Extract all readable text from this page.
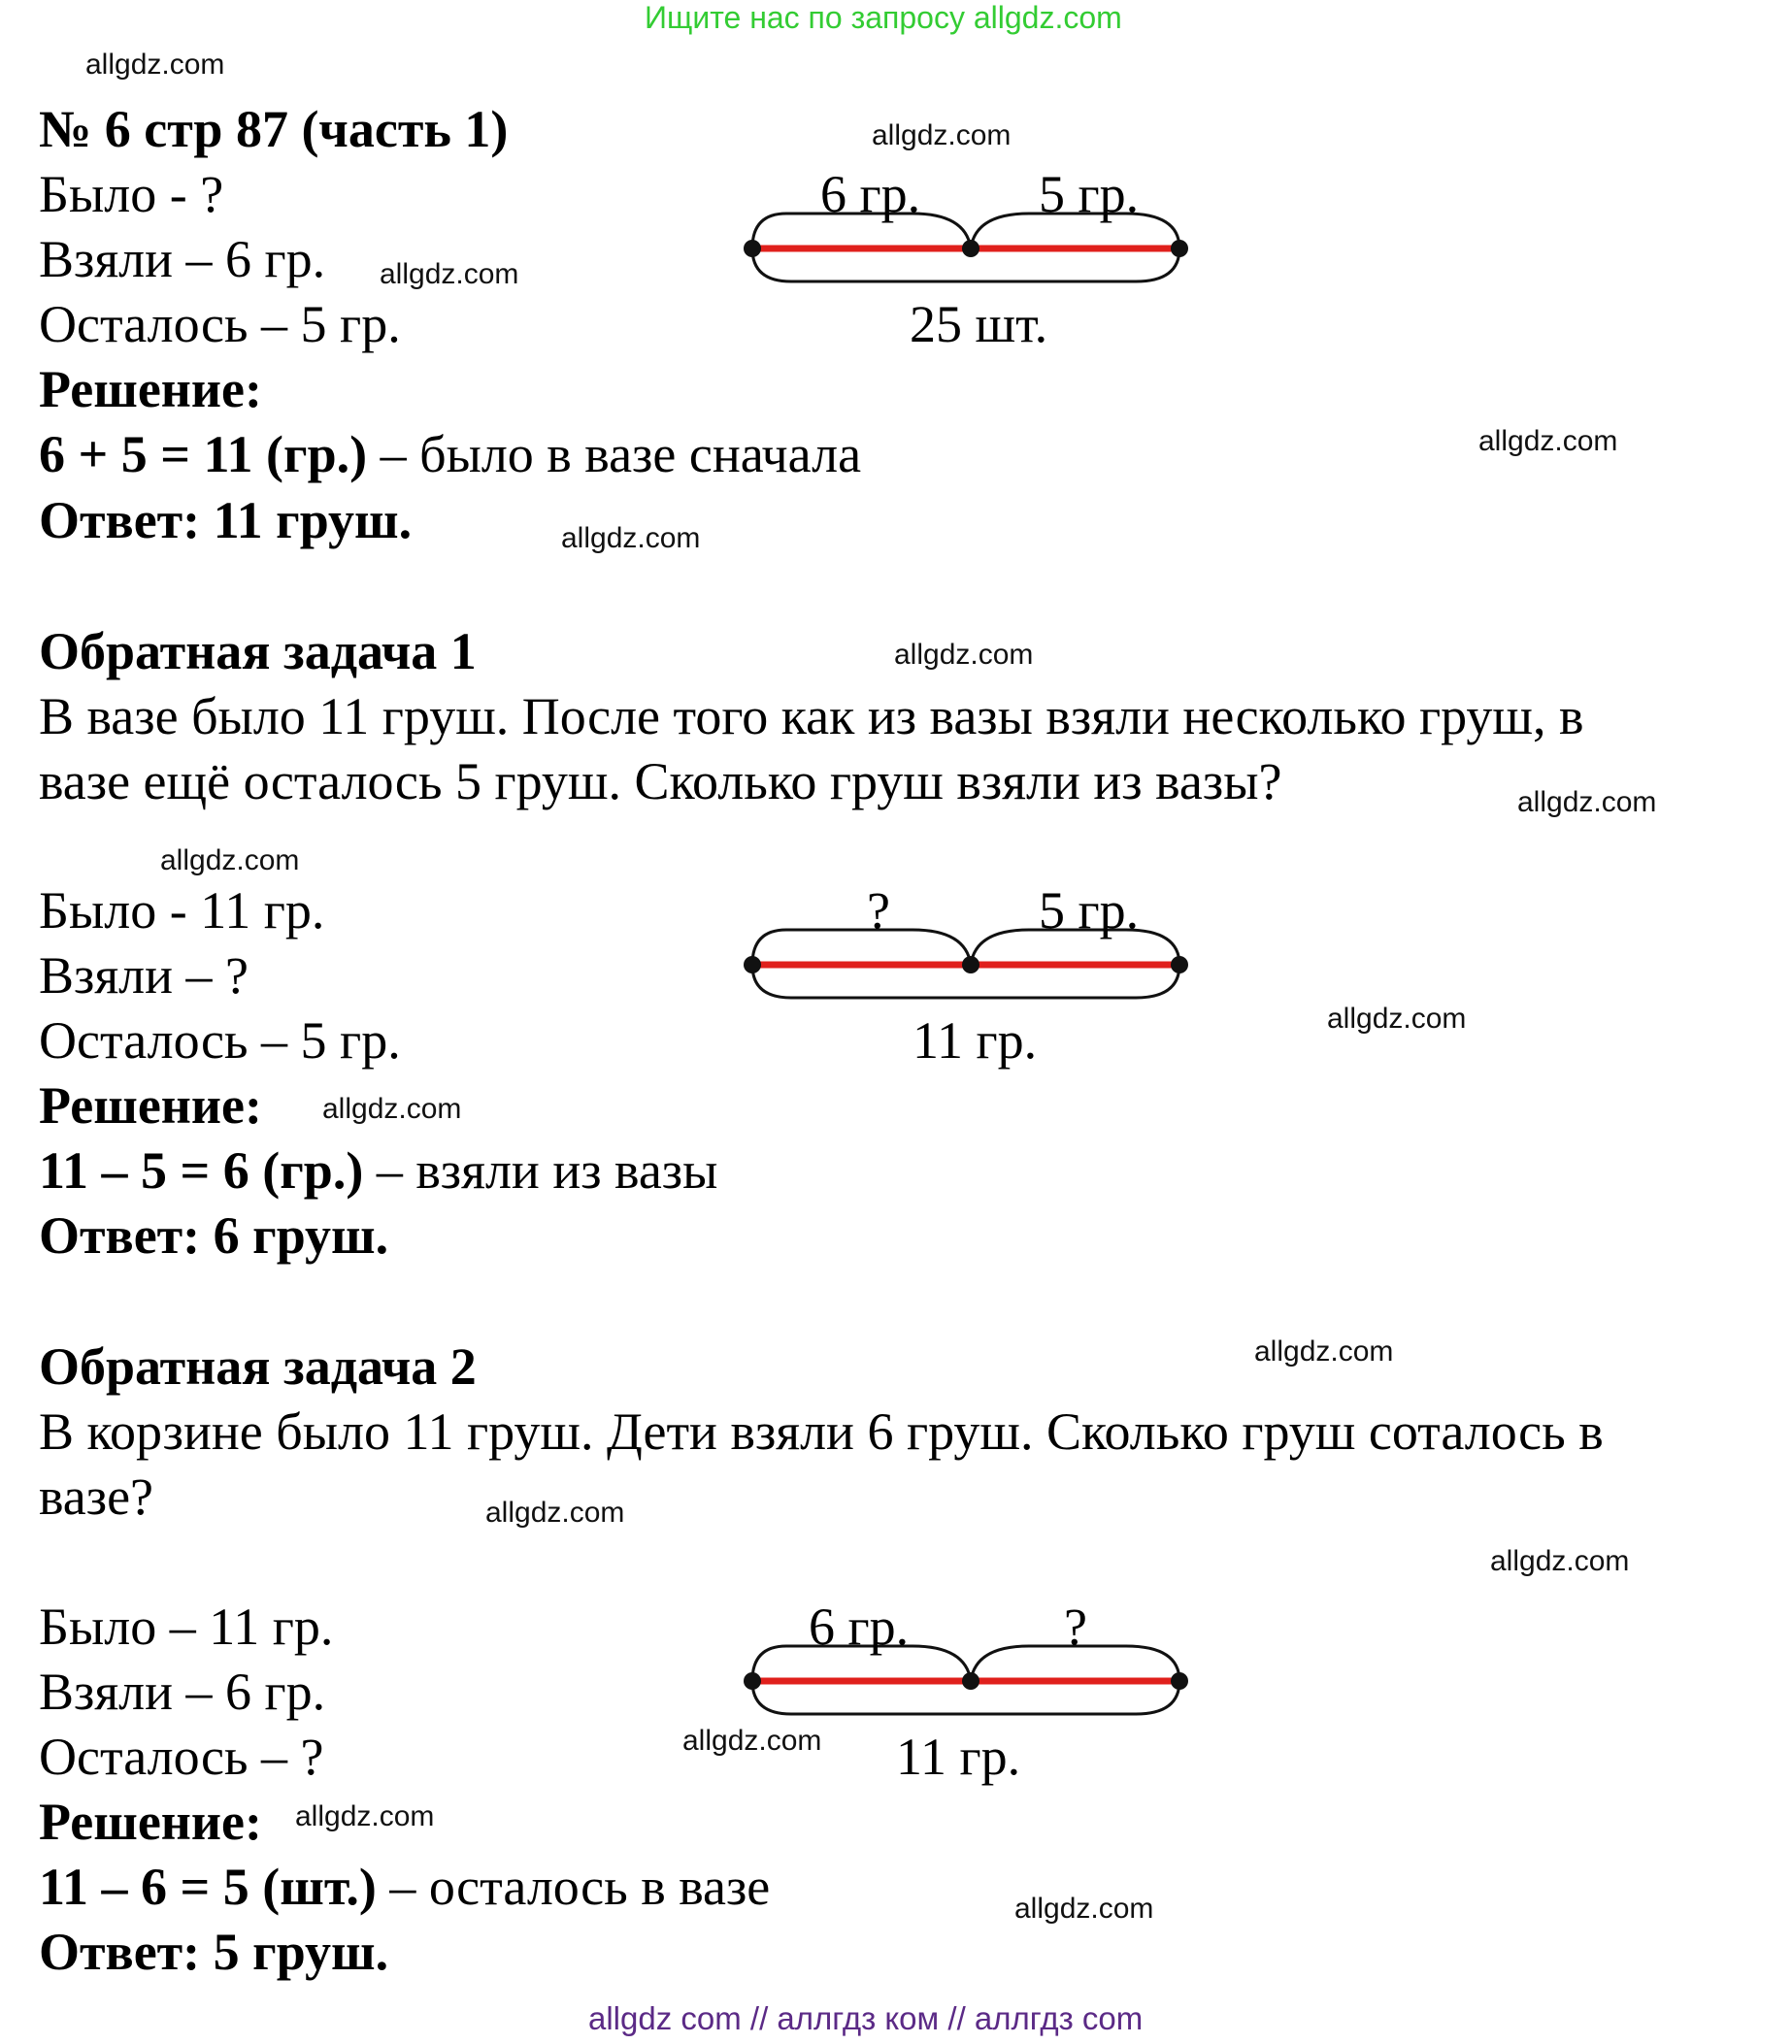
Ищите нас по запросу allgdz.com
allgdz.com
allgdz.com
allgdz.com
allgdz.com
allgdz.com
allgdz.com
allgdz.com
allgdz.com
allgdz.com
allgdz.com
allgdz.com
allgdz.com
allgdz.com
allgdz.com
allgdz.com
allgdz.com
№ 6 стр 87 (часть 1)
Было - ?
Взяли – 6 гр.
Осталось – 5 гр.
Решение:
6 + 5 = 11 (гр.) – было в вазе сначала
Ответ: 11 груш.
6 гр. 5 гр.
25 шт.
Обратная задача 1
В вазе было 11 груш. После того как из вазы взяли несколько груш, в
вазе ещё осталось 5 груш. Сколько груш взяли из вазы?
Было - 11 гр.
Взяли – ?
Осталось – 5 гр.
Решение:
11 – 5 = 6 (гр.) – взяли из вазы
Ответ: 6 груш.
?	5 гр.
11 гр.
Обратная задача 2
В корзине было 11 груш. Дети взяли 6 груш. Сколько груш соталось в
вазе?
Было – 11 гр.
Взяли – 6 гр.
Осталось – ?
Решение:
11 – 6 = 5 (шт.) – осталось в вазе
Ответ: 5 груш.
6 гр.	?
11 гр.
allgdz com // аллгдз ком // аллгдз com
